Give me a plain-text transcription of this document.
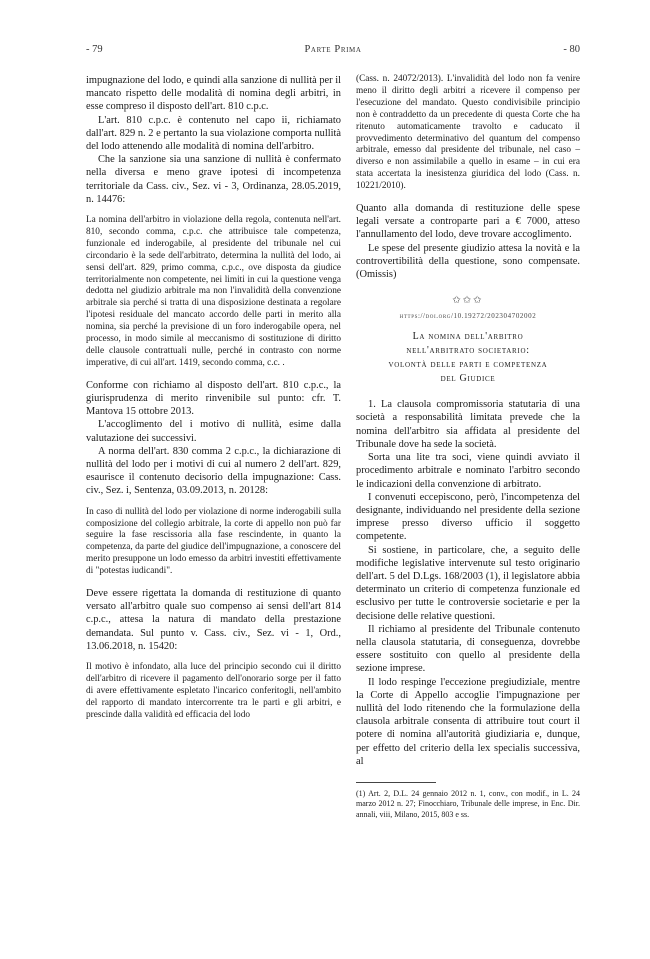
- 79	Parte Prima	- 80

impugnazione del lodo, e quindi alla sanzione di nullità per il mancato rispetto delle modalità di nomina degli arbitri, in esse compreso il disposto dell'art. 810 c.p.c.

L'art. 810 c.p.c. è contenuto nel capo ii, richiamato dall'art. 829 n. 2 e pertanto la sua violazione comporta nullità del lodo attenendo alle modalità di nomina dell'arbitro.

Che la sanzione sia una sanzione di nullità è confermato nella diversa e meno grave ipotesi di incompetenza territoriale da Cass. civ., Sez. vi - 3, Ordinanza, 28.05.2019, n. 14476:

La nomina dell'arbitro in violazione della regola, contenuta nell'art. 810, secondo comma, c.p.c. che attribuisce tale competenza, funzionale ed inderogabile, al presidente del tribunale nel cui circondario è la sede dell'arbitrato, determina la nullità del lodo, ai sensi dell'art. 829, primo comma, c.p.c., ove disposta da giudice territorialmente non competente, nei limiti in cui la questione venga dedotta nel giudizio arbitrale ma non l'invalidità della convenzione arbitrale sia perché si tratta di una disposizione destinata a regolare l'ipotesi residuale del mancato accordo delle parti in merito alla nomina, sia perché la previsione di un foro inderogabile opera, nel processo, in modo simile al meccanismo di sostituzione di diritto delle clausole contrattuali nulle, perché in contrasto con norme imperative, di cui all'art. 1419, secondo comma, c.c. .

Conforme con richiamo al disposto dell'art. 810 c.p.c., la giurisprudenza di merito rinvenibile sul punto: cfr. T. Mantova 15 ottobre 2013.

L'accoglimento del i motivo di nullità, esime dalla valutazione dei successivi.

A norma dell'art. 830 comma 2 c.p.c., la dichiarazione di nullità del lodo per i motivi di cui al numero 2 dell'art. 829, esaurisce il contenuto decisorio della impugnazione: Cass. civ., Sez. i, Sentenza, 03.09.2013, n. 20128:

In caso di nullità del lodo per violazione di norme inderogabili sulla composizione del collegio arbitrale, la corte di appello non può far seguire la fase rescissoria alla fase rescindente, in quanto la competenza, da parte del giudice dell'impugnazione, a conoscere del merito presuppone un lodo emesso da arbitri investiti effettivamente di "potestas iudicandi".

Deve essere rigettata la domanda di restituzione di quanto versato all'arbitro quale suo compenso ai sensi dell'art 814 c.p.c., attesa la natura di mandato della prestazione demandata. Sul punto v. Cass. civ., Sez. vi - 1, Ord., 13.06.2018, n. 15420:

Il motivo è infondato, alla luce del principio secondo cui il diritto dell'arbitro di ricevere il pagamento dell'onorario sorge per il fatto di avere effettivamente espletato l'incarico conferitogli, nell'ambito del rapporto di mandato intercorrente tra le parti e gli arbitri, e prescinde dalla validità ed efficacia del lodo

(Cass. n. 24072/2013). L'invalidità del lodo non fa venire meno il diritto degli arbitri a ricevere il compenso per l'esecuzione del mandato. Questo condivisibile principio non è contraddetto da un precedente di questa Corte che ha ritenuto automaticamente travolto e caducato il provvedimento determinativo del quantum del compenso arbitrale, emesso dal presidente del tribunale, nel caso – diverso e non assimilabile a quello in esame – in cui era stata accertata la inesistenza giuridica del lodo (Cass. n. 10221/2010).

Quanto alla domanda di restituzione delle spese legali versate a controparte pari a € 7000, atteso l'annullamento del lodo, deve trovare accoglimento.

Le spese del presente giudizio attesa la novità e la controvertibilità della questione, sono compensate. (Omissis)

✩✩✩
https://doi.org/10.19272/202304702002
La nomina dell'arbitro
nell'arbitrato societario:
volontà delle parti e competenza
del Giudice

1. La clausola compromissoria statutaria di una società a responsabilità limitata prevede che la nomina dell'arbitro sia affidata al presidente del Tribunale dove ha sede la società.

Sorta una lite tra soci, viene quindi avviato il procedimento arbitrale e nominato l'arbitro secondo le indicazioni della convenzione di arbitrato.

I convenuti eccepiscono, però, l'incompetenza del designante, individuando nel presidente della sezione imprese presso diverso ufficio il soggetto competente.

Si sostiene, in particolare, che, a seguito delle modifiche legislative intervenute sul testo originario dell'art. 5 del D.Lgs. 168/2003 (1), il legislatore abbia determinato un criterio di competenza funzionale ed esclusivo per tutte le controversie societarie e per la decisione delle relative questioni.

Il richiamo al presidente del Tribunale contenuto nella clausola statutaria, di conseguenza, dovrebbe essere sostituito con quello al presidente della sezione imprese.

Il lodo respinge l'eccezione pregiudiziale, mentre la Corte di Appello accoglie l'impugnazione per nullità del lodo ritenendo che la formulazione della clausola arbitrale consenta di attribuire tout court il potere di nomina all'autorità giudiziaria e, dunque, per effetto del criterio della lex specialis successiva, al

(1) Art. 2, D.L. 24 gennaio 2012 n. 1, conv., con modif., in L. 24 marzo 2012 n. 27; Finocchiaro, Tribunale delle imprese, in Enc. Dir. annali, viii, Milano, 2015, 803 e ss.
